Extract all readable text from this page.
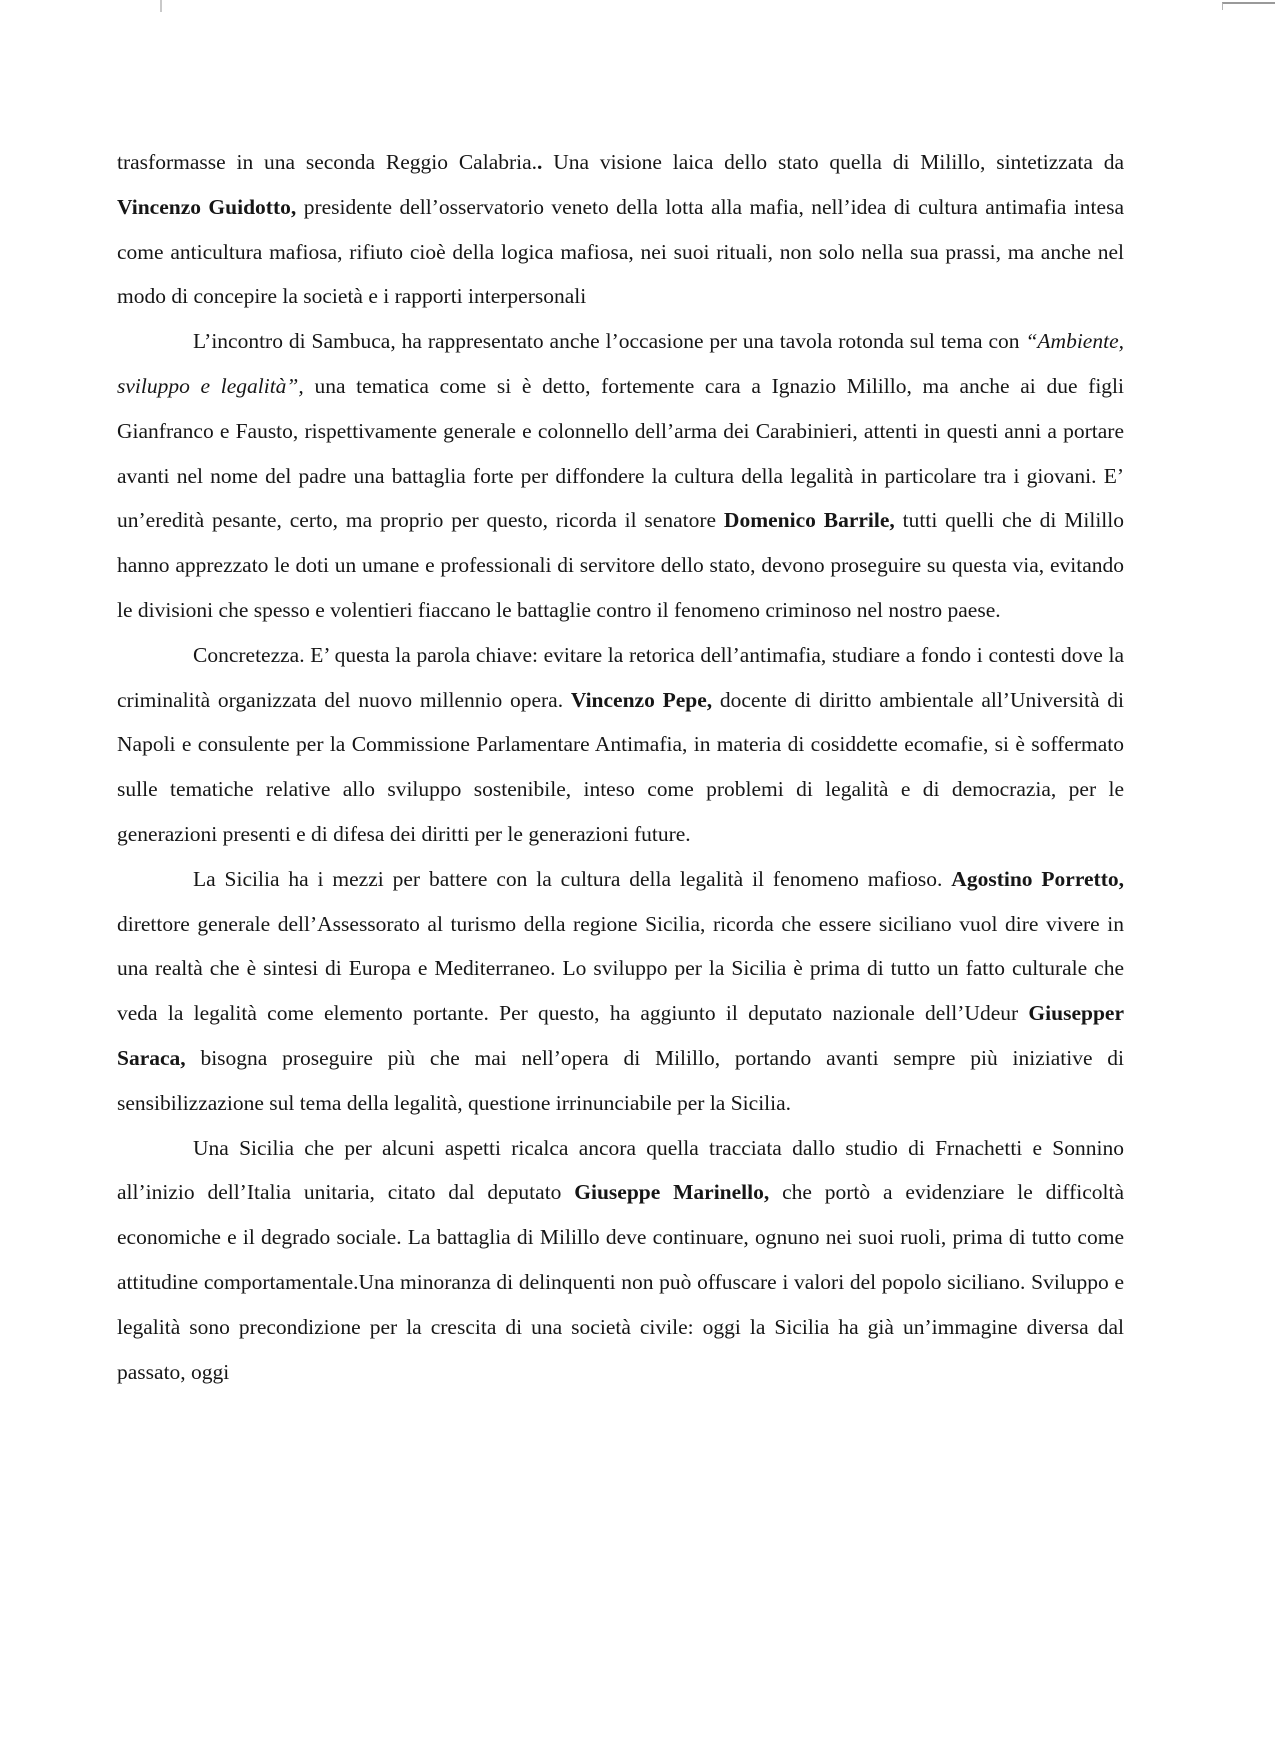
trasformasse in una seconda Reggio Calabria.. Una visione laica dello stato quella di Milillo, sintetizzata da Vincenzo Guidotto, presidente dell’osservatorio veneto della lotta alla mafia, nell’idea di cultura antimafia intesa come anticultura mafiosa, rifiuto cioè della logica mafiosa, nei suoi rituali, non solo nella sua prassi, ma anche nel modo di concepire la società e i rapporti interpersonali

L’incontro di Sambuca, ha rappresentato anche l’occasione per una tavola rotonda sul tema con “Ambiente, sviluppo e legalità”, una tematica come si è detto, fortemente cara a Ignazio Milillo, ma anche ai due figli Gianfranco e Fausto, rispettivamente generale e colonnello dell’arma dei Carabinieri, attenti in questi anni a portare avanti nel nome del padre una battaglia forte per diffondere la cultura della legalità in particolare tra i giovani. E’ un’eredità pesante, certo, ma proprio per questo, ricorda il senatore Domenico Barrile, tutti quelli che di Milillo hanno apprezzato le doti un umane e professionali di servitore dello stato, devono proseguire su questa via, evitando le divisioni che spesso e volentieri fiaccano le battaglie contro il fenomeno criminoso nel nostro paese.

Concretezza. E’ questa la parola chiave: evitare la retorica dell’antimafia, studiare a fondo i contesti dove la criminalità organizzata del nuovo millennio opera. Vincenzo Pepe, docente di diritto ambientale all’Università di Napoli e consulente per la Commissione Parlamentare Antimafia, in materia di cosiddette ecomafie, si è soffermato sulle tematiche relative allo sviluppo sostenibile, inteso come problemi di legalità e di democrazia, per le generazioni presenti e di difesa dei diritti per le generazioni future.

La Sicilia ha i mezzi per battere con la cultura della legalità il fenomeno mafioso. Agostino Porretto, direttore generale dell’Assessorato al turismo della regione Sicilia, ricorda che essere siciliano vuol dire vivere in una realtà che è sintesi di Europa e Mediterraneo. Lo sviluppo per la Sicilia è prima di tutto un fatto culturale che veda la legalità come elemento portante. Per questo, ha aggiunto il deputato nazionale dell’Udeur Giusepper Saraca, bisogna proseguire più che mai nell’opera di Milillo, portando avanti sempre più iniziative di sensibilizzazione sul tema della legalità, questione irrinunciabile per la Sicilia.

Una Sicilia che per alcuni aspetti ricalca ancora quella tracciata dallo studio di Frnachetti e Sonnino all’inizio dell’Italia unitaria, citato dal deputato Giuseppe Marinello, che portò a evidenziare le difficoltà economiche e il degrado sociale. La battaglia di Milillo deve continuare, ognuno nei suoi ruoli, prima di tutto come attitudine comportamentale.Una minoranza di delinquenti non può offuscare i valori del popolo siciliano. Sviluppo e legalità sono precondizione per la crescita di una società civile: oggi la Sicilia ha già un’immagine diversa dal passato, oggi
